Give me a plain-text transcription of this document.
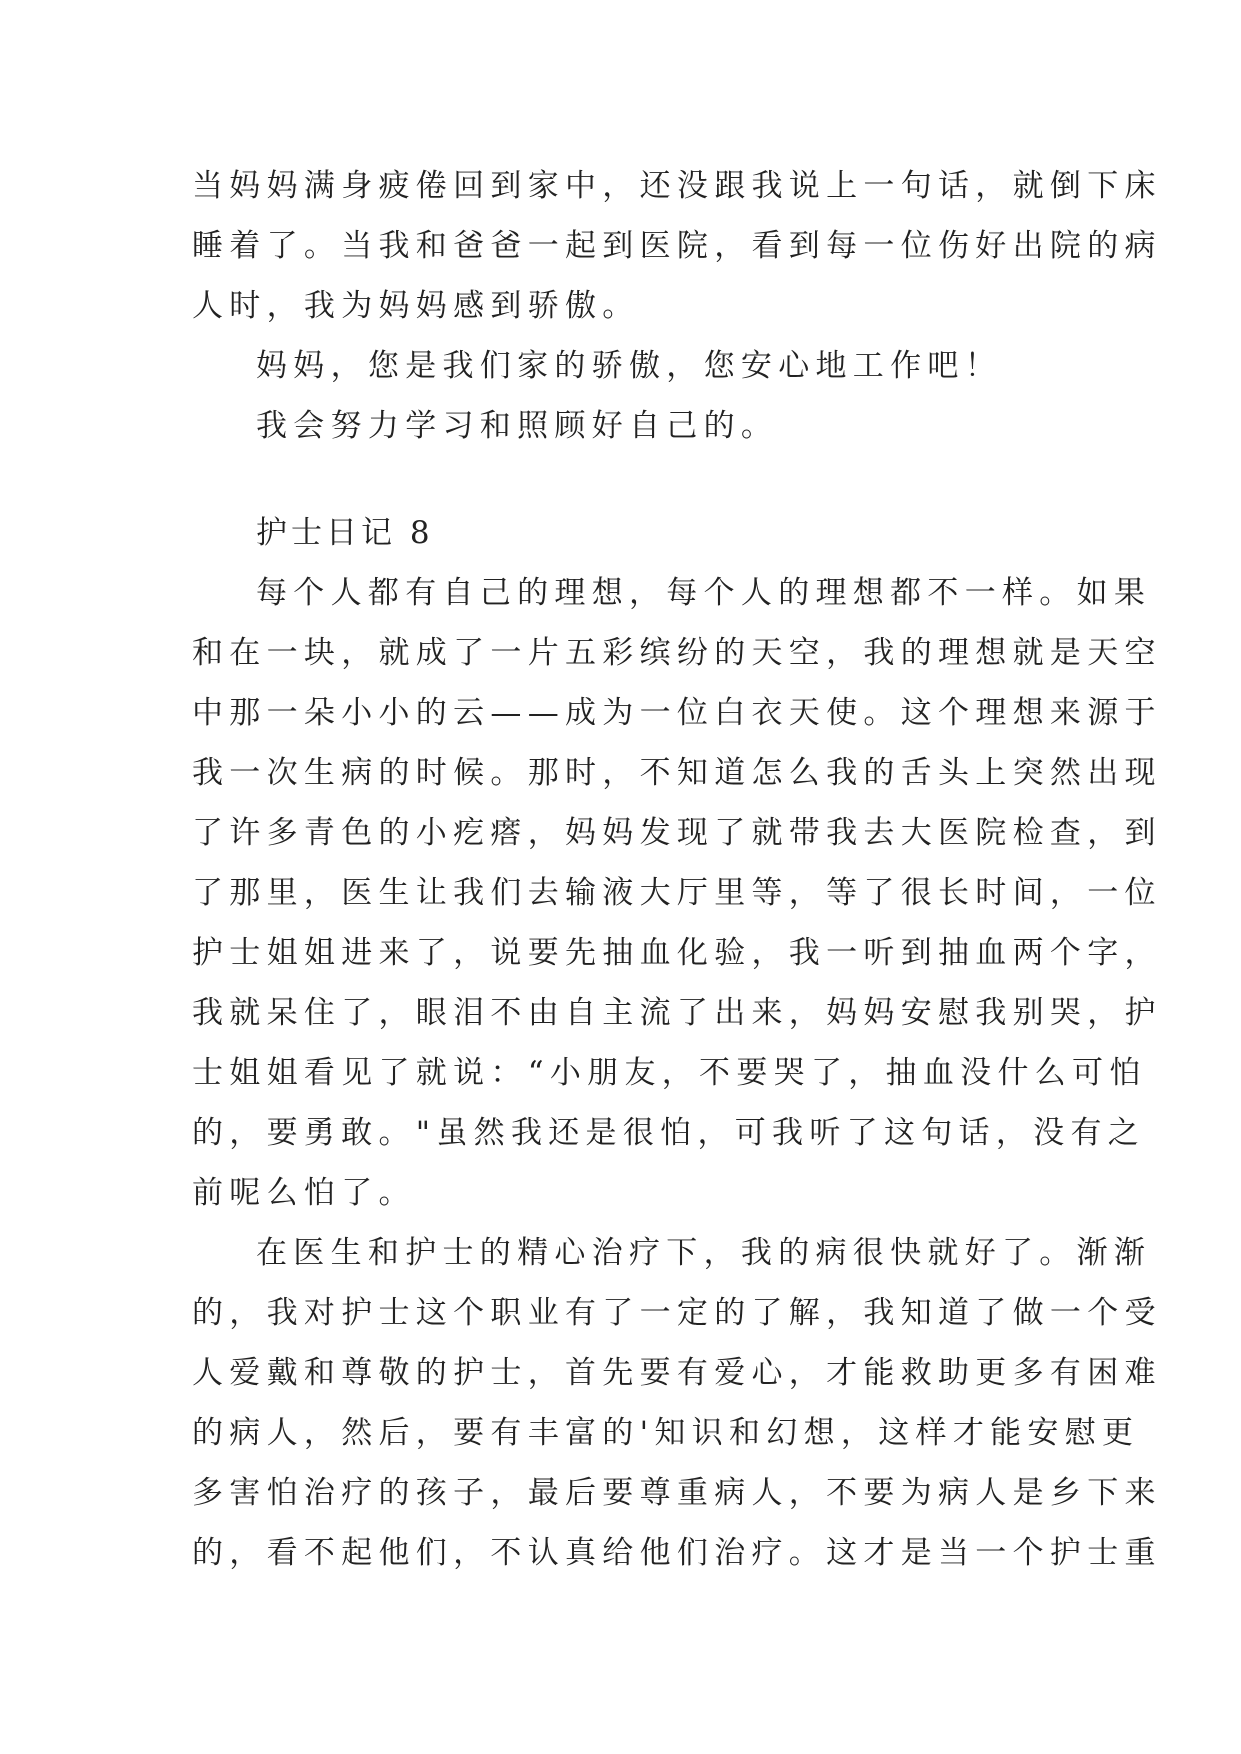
当妈妈满身疲倦回到家中，还没跟我说上一句话，就倒下床
睡着了。当我和爸爸一起到医院，看到每一位伤好出院的病
人时，我为妈妈感到骄傲。
妈妈，您是我们家的骄傲，您安心地工作吧！
我会努力学习和照顾好自己的。
护士日记 8
每个人都有自己的理想，每个人的理想都不一样。如果
和在一块，就成了一片五彩缤纷的天空，我的理想就是天空
中那一朵小小的云——成为一位白衣天使。这个理想来源于
我一次生病的时候。那时，不知道怎么我的舌头上突然出现
了许多青色的小疙瘩，妈妈发现了就带我去大医院检查，到
了那里，医生让我们去输液大厅里等，等了很长时间，一位
护士姐姐进来了，说要先抽血化验，我一听到抽血两个字，
我就呆住了，眼泪不由自主流了出来，妈妈安慰我别哭，护
士姐姐看见了就说：“小朋友，不要哭了，抽血没什么可怕
的，要勇敢。"虽然我还是很怕，可我听了这句话，没有之
前呢么怕了。
在医生和护士的精心治疗下，我的病很快就好了。渐渐
的，我对护士这个职业有了一定的了解，我知道了做一个受
人爱戴和尊敬的护士，首先要有爱心，才能救助更多有困难
的病人，然后，要有丰富的'知识和幻想，这样才能安慰更
多害怕治疗的孩子，最后要尊重病人，不要为病人是乡下来
的，看不起他们，不认真给他们治疗。这才是当一个护士重
